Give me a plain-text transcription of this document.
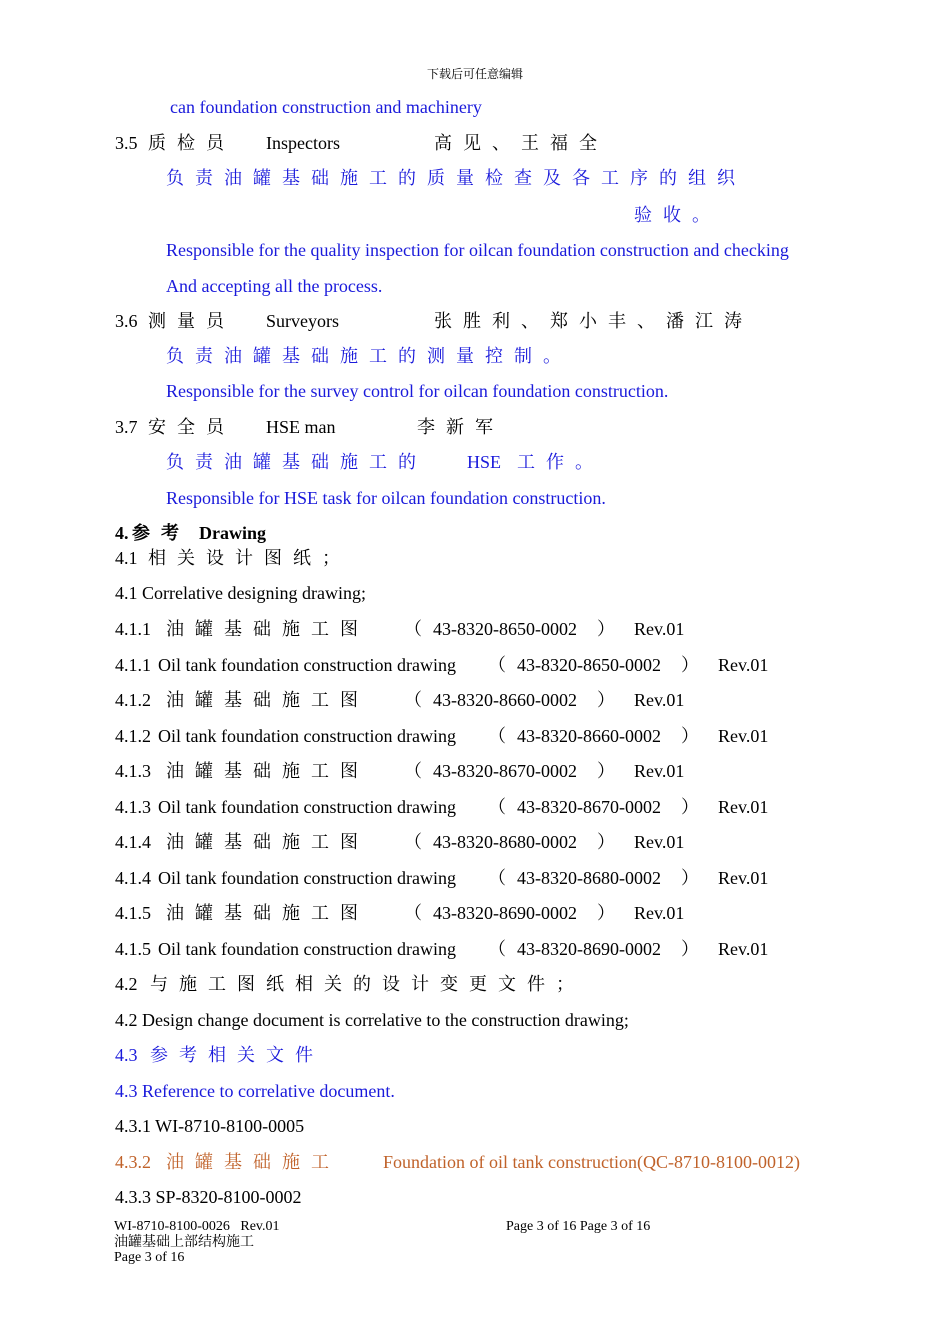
下载后可任意编辑
can foundation construction and machinery
3.5 质检员 Inspectors	高见、王福全
负责油罐基础施工的质量检查及各工序的组织
验收。
Responsible for the quality inspection for oilcan foundation construction and checking
And accepting all the process.
3.6 测量员 Surveyors	张胜利、郑小丰、潘江涛
负责油罐基础施工的测量控制。
Responsible for the survey control for oilcan foundation construction.
3.7 安全员 HSE man	李新军
负责油罐基础施工的 HSE 工作。
Responsible for HSE task for oilcan foundation construction.
4. 参考 Drawing
4.1 相关设计图纸；
4.1 Correlative designing drawing;
4.1.1 油罐基础施工图 （ 43-8320-8650-0002 ） Rev.01
4.1.1 Oil tank foundation construction drawing （ 43-8320-8650-0002 ） Rev.01
4.1.2 油罐基础施工图 （ 43-8320-8660-0002 ） Rev.01
4.1.2 Oil tank foundation construction drawing （ 43-8320-8660-0002 ） Rev.01
4.1.3 油罐基础施工图 （ 43-8320-8670-0002 ） Rev.01
4.1.3 Oil tank foundation construction drawing （ 43-8320-8670-0002 ） Rev.01
4.1.4 油罐基础施工图 （ 43-8320-8680-0002 ） Rev.01
4.1.4 Oil tank foundation construction drawing （ 43-8320-8680-0002 ） Rev.01
4.1.5 油罐基础施工图 （ 43-8320-8690-0002 ） Rev.01
4.1.5 Oil tank foundation construction drawing （ 43-8320-8690-0002 ） Rev.01
4.2 与施工图纸相关的设计变更文件；
4.2 Design change document is correlative to the construction drawing;
4.3 参考相关文件
4.3 Reference to correlative document.
4.3.1 WI-8710-8100-0005
4.3.2 油罐基础施工 Foundation of oil tank construction(QC-8710-8100-0012)
4.3.3 SP-8320-8100-0002
WI-8710-8100-0026 Rev.01
油罐基础上部结构施工
Page 3 of 16
Page 3 of 16 Page 3 of 16
